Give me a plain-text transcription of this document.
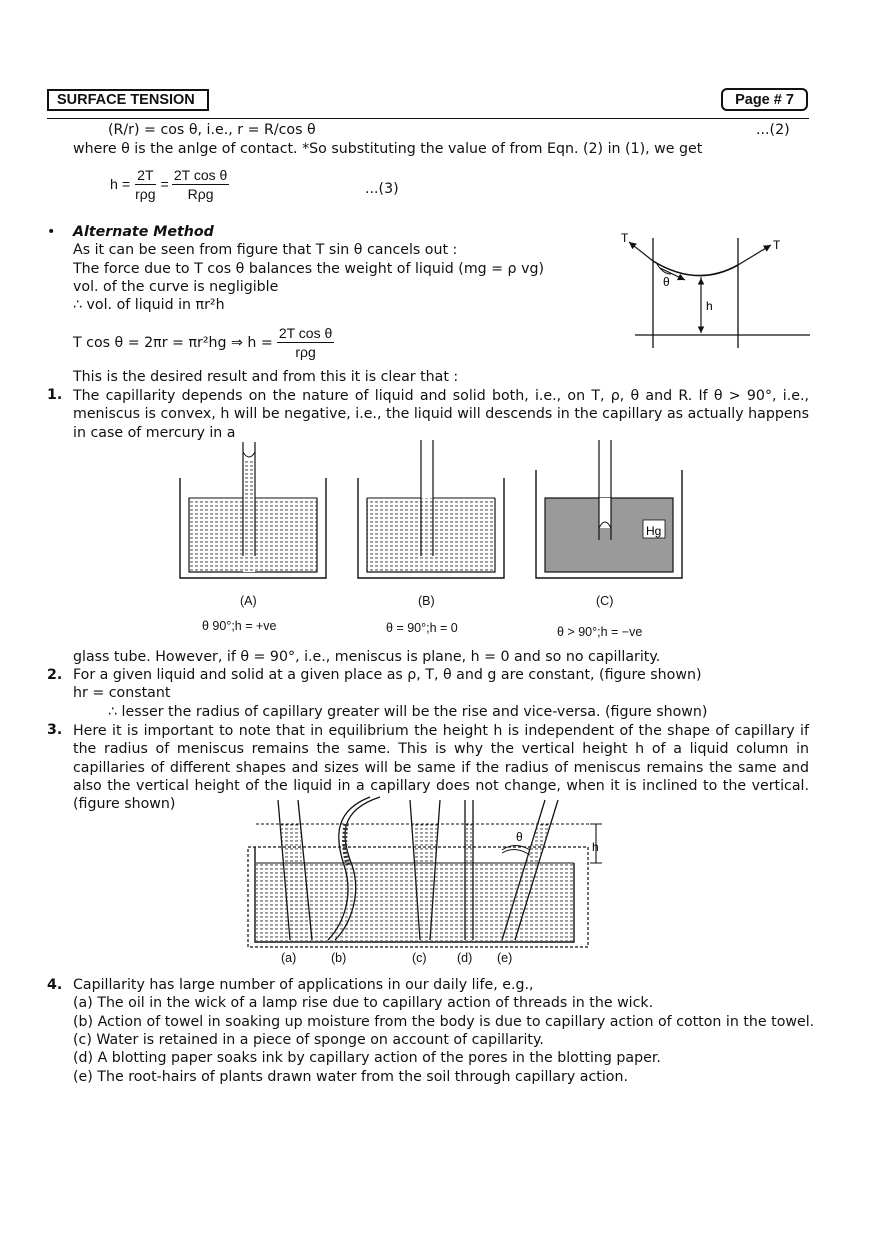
SURFACE TENSION	Page # 7
(R/r) = cos θ, i.e., r = R/cos θ	...(2)
where θ is the anlge of contact. *So substituting the value of from Eqn. (2) in (1), we get
h =
2T
rρg
=
2T cos θ
Rρg	...(3)
• Alternate Method
As it can be seen from figure that T sin θ cancels out :
The force due to T cos θ balances the weight of liquid (mg = ρ vg)
vol. of the curve is negligible
∴ vol. of liquid in πr²h
T cos θ = 2πr = πr²hg ⇒ h =
2T cos θ
rρg
This is the desired result and from this it is clear that :
T	T
θ
h
1. The capillarity depends on the nature of liquid and solid both, i.e., on T, ρ, θ and R. If θ > 90°, i.e., meniscus is convex, h will be negative, i.e., the liquid will descends in the capillary as actually happens in case of mercury in a
Hg
(A)	(B)	(C)
θ 90°;h = +ve	θ = 90°;h = 0	θ > 90°;h = −ve
glass tube. However, if θ = 90°, i.e., meniscus is plane, h = 0 and so no capillarity.
2. For a given liquid and solid at a given place as ρ, T, θ and g are constant, (figure shown)
hr = constant
∴ lesser the radius of capillary greater will be the rise and vice-versa. (figure shown)
3. Here it is important to note that in equilibrium the height h is independent of the shape of capillary if the radius of meniscus remains the same. This is why the vertical height h of a liquid column in capillaries of different shapes and sizes will be same if the radius of meniscus remains the same and also the vertical height of the liquid in a capillary does not change, when it is inclined to the vertical. (figure shown)
θ
h
(a)	(b)	(c) (d) (e)
4. Capillarity has large number of applications in our daily life, e.g.,
(a) The oil in the wick of a lamp rise due to capillary action of threads in the wick.
(b) Action of towel in soaking up moisture from the body is due to capillary action of cotton in the towel.
(c) Water is retained in a piece of sponge on account of capillarity.
(d) A blotting paper soaks ink by capillary action of the pores in the blotting paper.
(e) The root-hairs of plants drawn water from the soil through capillary action.
